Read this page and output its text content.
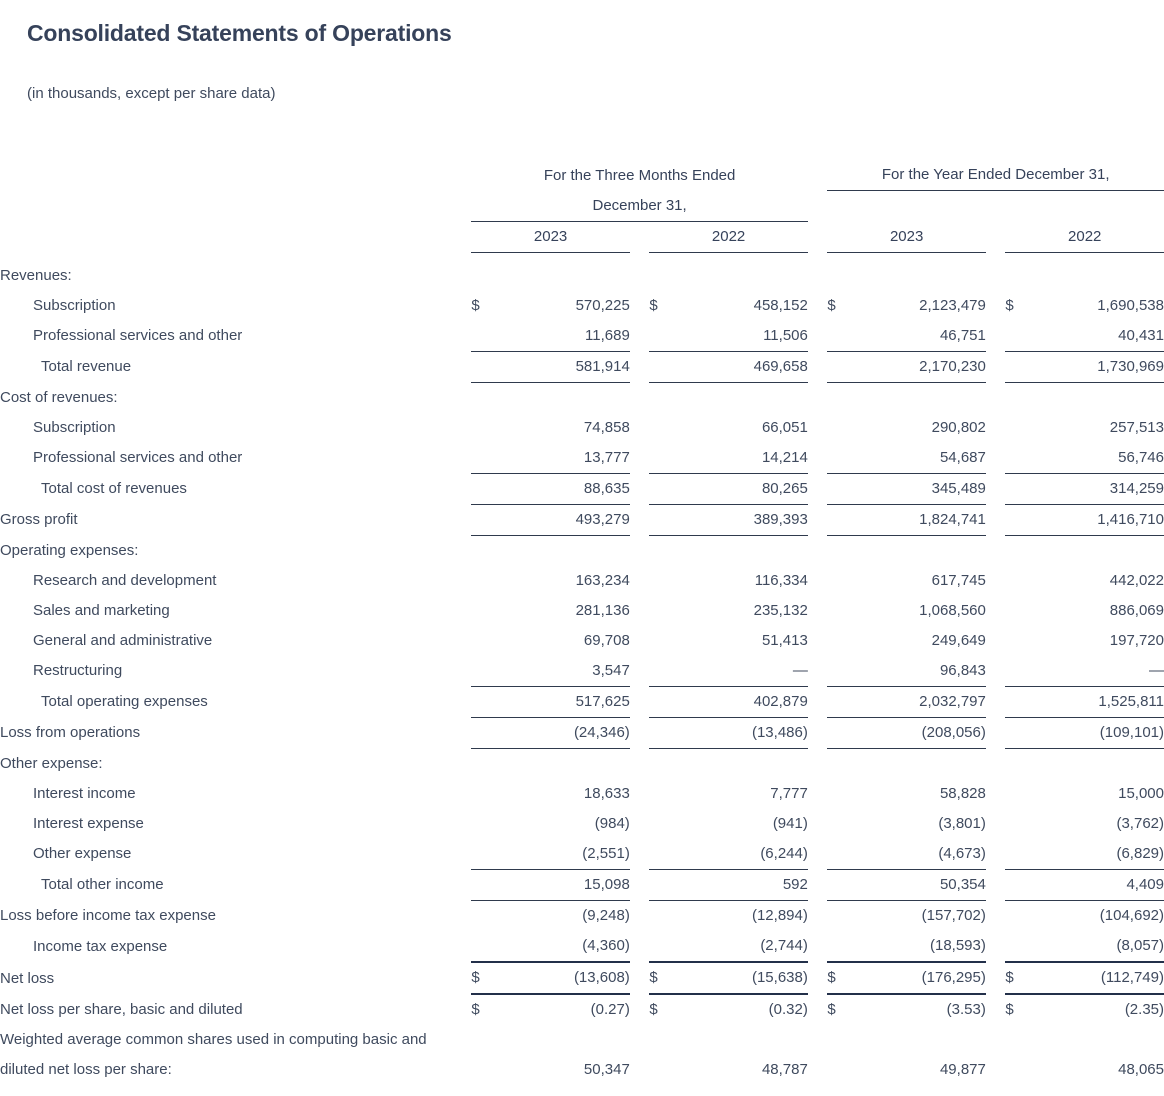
Consolidated Statements of Operations
(in thousands, except per share data)
	For the Three Months Ended						For the Year Ended December 31,				
	December 31,										
	2023			2022			2023			2022	

Revenues:											
Subscription	$	570,225		$	458,152		$	2,123,479		$	1,690,538
Professional services and other		11,689			11,506			46,751			40,431
Total revenue		581,914			469,658			2,170,230			1,730,969
Cost of revenues:											
Subscription		74,858			66,051			290,802			257,513
Professional services and other		13,777			14,214			54,687			56,746
Total cost of revenues		88,635			80,265			345,489			314,259
Gross profit		493,279			389,393			1,824,741			1,416,710
Operating expenses:											
Research and development		163,234			116,334			617,745			442,022
Sales and marketing		281,136			235,132			1,068,560			886,069
General and administrative		69,708			51,413			249,649			197,720
Restructuring		3,547			—			96,843			—
Total operating expenses		517,625			402,879			2,032,797			1,525,811
Loss from operations		(24,346)			(13,486)			(208,056)			(109,101)
Other expense:											
Interest income		18,633			7,777			58,828			15,000
Interest expense		(984)			(941)			(3,801)			(3,762)
Other expense		(2,551)			(6,244)			(4,673)			(6,829)
Total other income		15,098			592			50,354			4,409
Loss before income tax expense		(9,248)			(12,894)			(157,702)			(104,692)
Income tax expense		(4,360)			(2,744)			(18,593)			(8,057)
Net loss	$	(13,608)		$	(15,638)		$	(176,295)		$	(112,749)
Net loss per share, basic and diluted	$	(0.27)		$	(0.32)		$	(3.53)		$	(2.35)
Weighted average common shares used in computing basic and diluted net loss per share:		50,347			48,787			49,877			48,065
